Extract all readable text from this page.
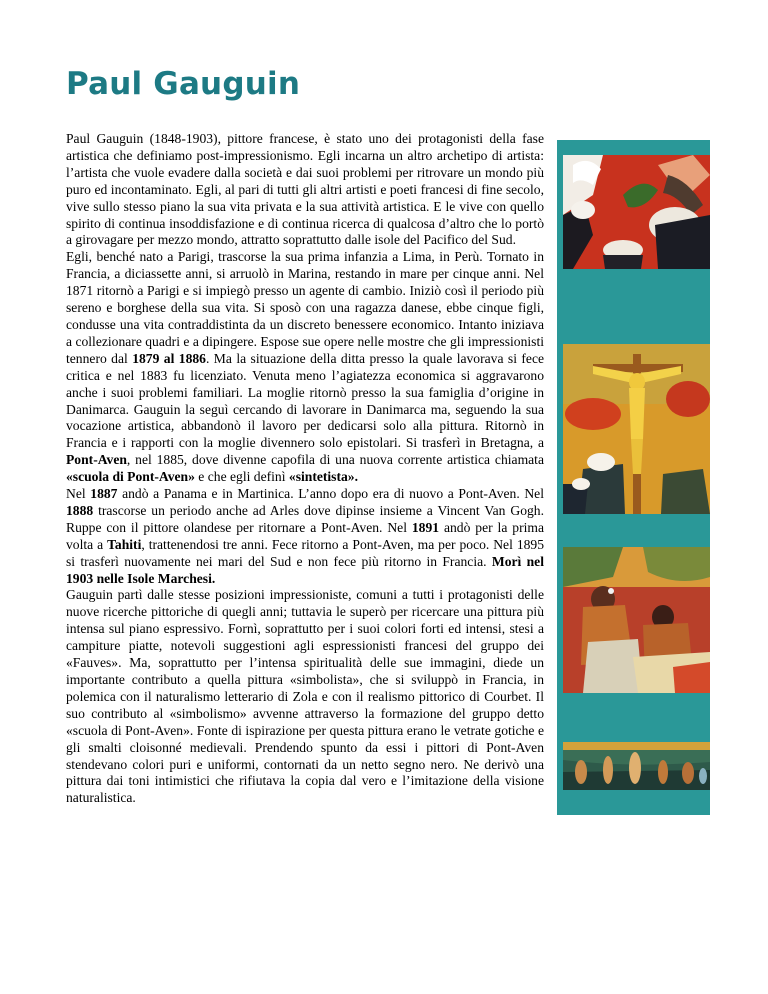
Paul Gauguin

Paul Gauguin (1848-1903), pittore francese, è stato uno dei protagonisti della fase artistica che definiamo post-impressionismo. Egli incarna un altro archetipo di artista: l’artista che vuole evadere dalla società e dai suoi problemi per ritrovare un mondo più puro ed incontaminato. Egli, al pari di tutti gli altri artisti e poeti francesi di fine secolo, vive sullo stesso piano la sua vita privata e la sua attività artistica. E le vive con quello spirito di continua insoddisfazione e di continua ricerca di qualcosa d’altro che lo portò a girovagare per mezzo mondo, attratto soprattutto dalle isole del Pacifico del Sud.

Egli, benché nato a Parigi, trascorse la sua prima infanzia a Lima, in Perù. Tornato in Francia, a diciassette anni, si arruolò in Marina, restando in mare per cinque anni. Nel 1871 ritornò a Parigi e si impiegò presso un agente di cambio. Iniziò così il periodo più sereno e borghese della sua vita. Si sposò con una ragazza danese, ebbe cinque figli, condusse una vita contraddistinta da un discreto benessere economico. Intanto iniziava a collezionare quadri e a dipingere. Espose sue opere nelle mostre che gli impressionisti tennero dal 1879 al 1886. Ma la situazione della ditta presso la quale lavorava si fece critica e nel 1883 fu licenziato. Venuta meno l’agiatezza economica si aggravarono anche i suoi problemi familiari. La moglie ritornò presso la sua famiglia d’origine in Danimarca. Gauguin la seguì cercando di lavorare in Danimarca ma, seguendo la sua vocazione artistica, abbandonò il lavoro per dedicarsi solo alla pittura. Ritornò in Francia e i rapporti con la moglie divennero solo epistolari. Si trasferì in Bretagna, a Pont-Aven, nel 1885, dove divenne capofila di una nuova corrente artistica chiamata «scuola di Pont-Aven» e che egli definì «sintetista».

Nel 1887 andò a Panama e in Martinica. L’anno dopo era di nuovo a Pont-Aven. Nel 1888 trascorse un periodo anche ad Arles dove dipinse insieme a Vincent Van Gogh. Ruppe con il pittore olandese per ritornare a Pont-Aven. Nel 1891 andò per la prima volta a Tahiti, trattenendosi tre anni. Fece ritorno a Pont-Aven, ma per poco. Nel 1895 si trasferì nuovamente nei mari del Sud e non fece più ritorno in Francia. Morì nel 1903 nelle Isole Marchesi.

Gauguin partì dalle stesse posizioni impressioniste, comuni a tutti i protagonisti delle nuove ricerche pittoriche di quegli anni; tuttavia le superò per ricercare una pittura più intensa sul piano espressivo. Fornì, soprattutto per i suoi colori forti ed intensi, stesi a campiture piatte, notevoli suggestioni agli espressionisti francesi del gruppo dei «Fauves». Ma, soprattutto per l’intensa spiritualità delle sue immagini, diede un importante contributo a quella pittura «simbolista», che si sviluppò in Francia, in polemica con il naturalismo letterario di Zola e con il realismo pittorico di Courbet. Il suo contributo al «simbolismo» avvenne attraverso la formazione del gruppo detto «scuola di Pont-Aven». Fonte di ispirazione per questa pittura erano le vetrate gotiche e gli smalti cloisonné medievali. Prendendo spunto da essi i pittori di Pont-Aven stendevano colori puri e uniformi, contornati da un netto segno nero. Ne derivò una pittura dai toni intimistici che rifiutava la copia dal vero e l’imitazione della visione naturalistica.
